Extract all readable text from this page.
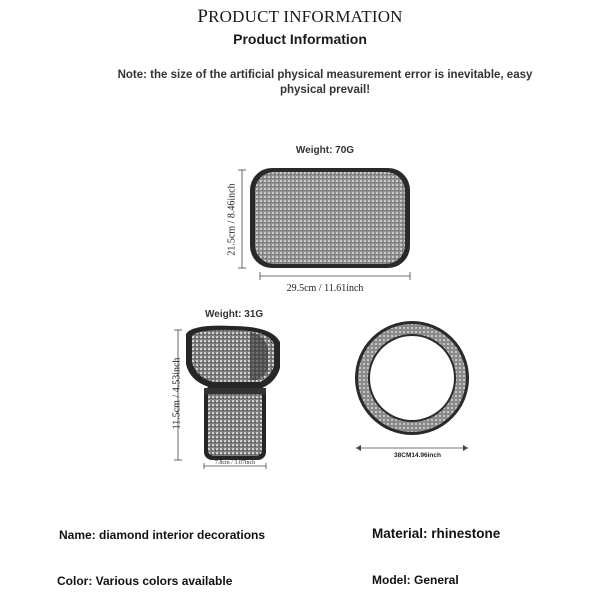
PRODUCT INFORMATION
Product Information
Note: the size of the artificial physical measurement error is inevitable, easy physical prevail!
Weight: 70G
21.5cm / 8.46inch
29.5cm / 11.61inch
Weight: 31G
11.5cm / 4.53inch
7.8cm / 3.07inch
38CM14.96inch
Name: diamond interior decorations	Material: rhinestone
Color: Various colors available	Model: General
